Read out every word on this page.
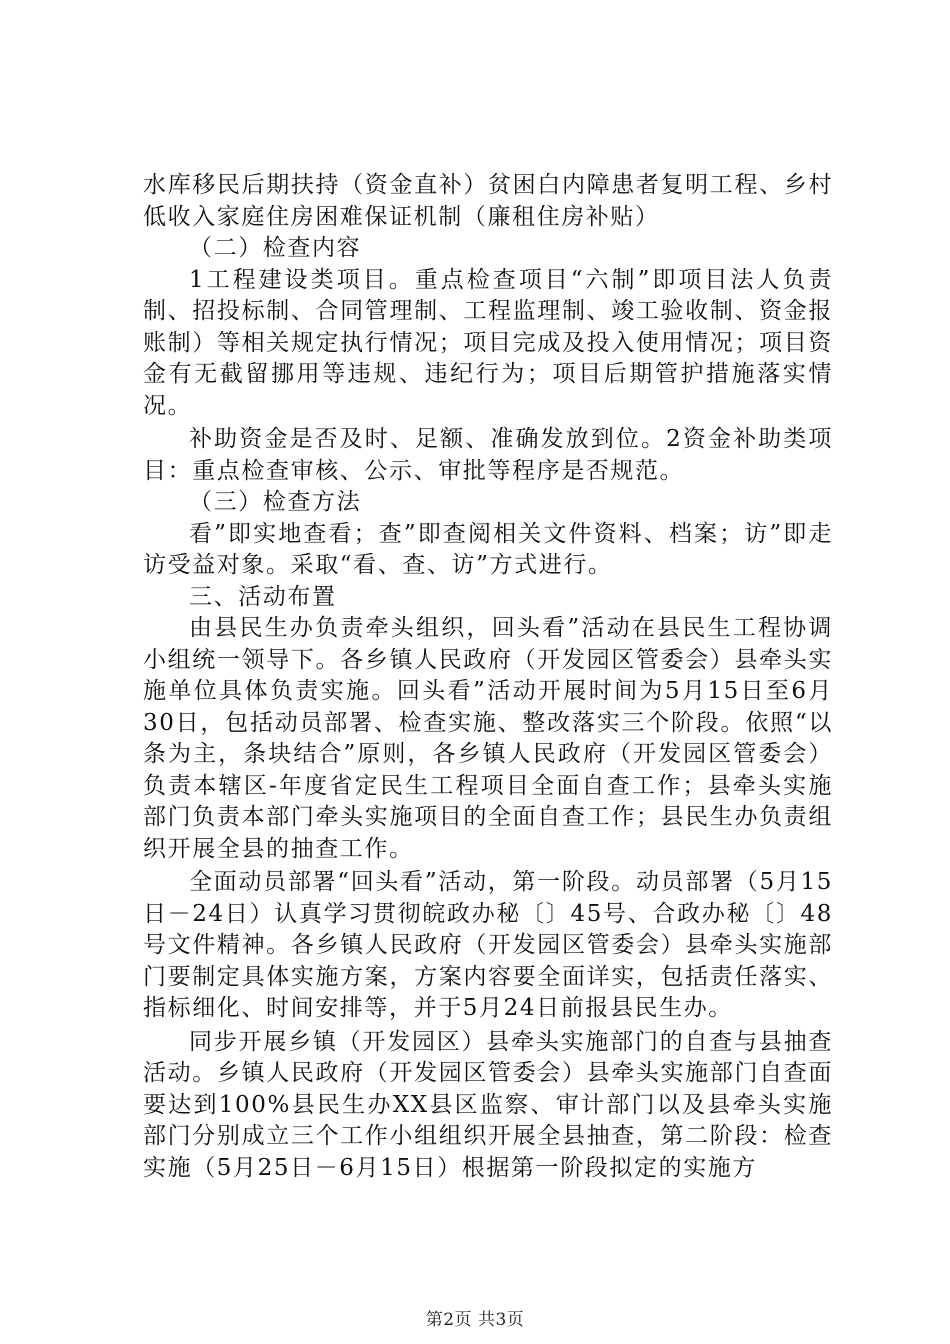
水库移民后期扶持（资金直补）贫困白内障患者复明工程、乡村低收入家庭住房困难保证机制（廉租住房补贴）

（二）检查内容

1工程建设类项目。重点检查项目“六制”即项目法人负责制、招投标制、合同管理制、工程监理制、竣工验收制、资金报账制）等相关规定执行情况；项目完成及投入使用情况；项目资金有无截留挪用等违规、违纪行为；项目后期管护措施落实情况。

补助资金是否及时、足额、准确发放到位。2资金补助类项目：重点检查审核、公示、审批等程序是否规范。

（三）检查方法

看”即实地查看；查”即查阅相关文件资料、档案；访”即走访受益对象。采取“看、查、访”方式进行。

三、活动布置

由县民生办负责牵头组织，回头看”活动在县民生工程协调小组统一领导下。各乡镇人民政府（开发园区管委会）县牵头实施单位具体负责实施。回头看”活动开展时间为5月15日至6月30日，包括动员部署、检查实施、整改落实三个阶段。依照“以条为主，条块结合”原则，各乡镇人民政府（开发园区管委会）负责本辖区-年度省定民生工程项目全面自查工作；县牵头实施部门负责本部门牵头实施项目的全面自查工作；县民生办负责组织开展全县的抽查工作。

全面动员部署“回头看”活动，第一阶段。动员部署（5月15日－24日）认真学习贯彻皖政办秘〔〕45号、合政办秘〔〕48号文件精神。各乡镇人民政府（开发园区管委会）县牵头实施部门要制定具体实施方案，方案内容要全面详实，包括责任落实、指标细化、时间安排等，并于5月24日前报县民生办。

同步开展乡镇（开发园区）县牵头实施部门的自查与县抽查活动。乡镇人民政府（开发园区管委会）县牵头实施部门自查面要达到100%县民生办XX县区监察、审计部门以及县牵头实施部门分别成立三个工作小组组织开展全县抽查，第二阶段：检查实施（5月25日－6月15日）根据第一阶段拟定的实施方

第2页 共3页
